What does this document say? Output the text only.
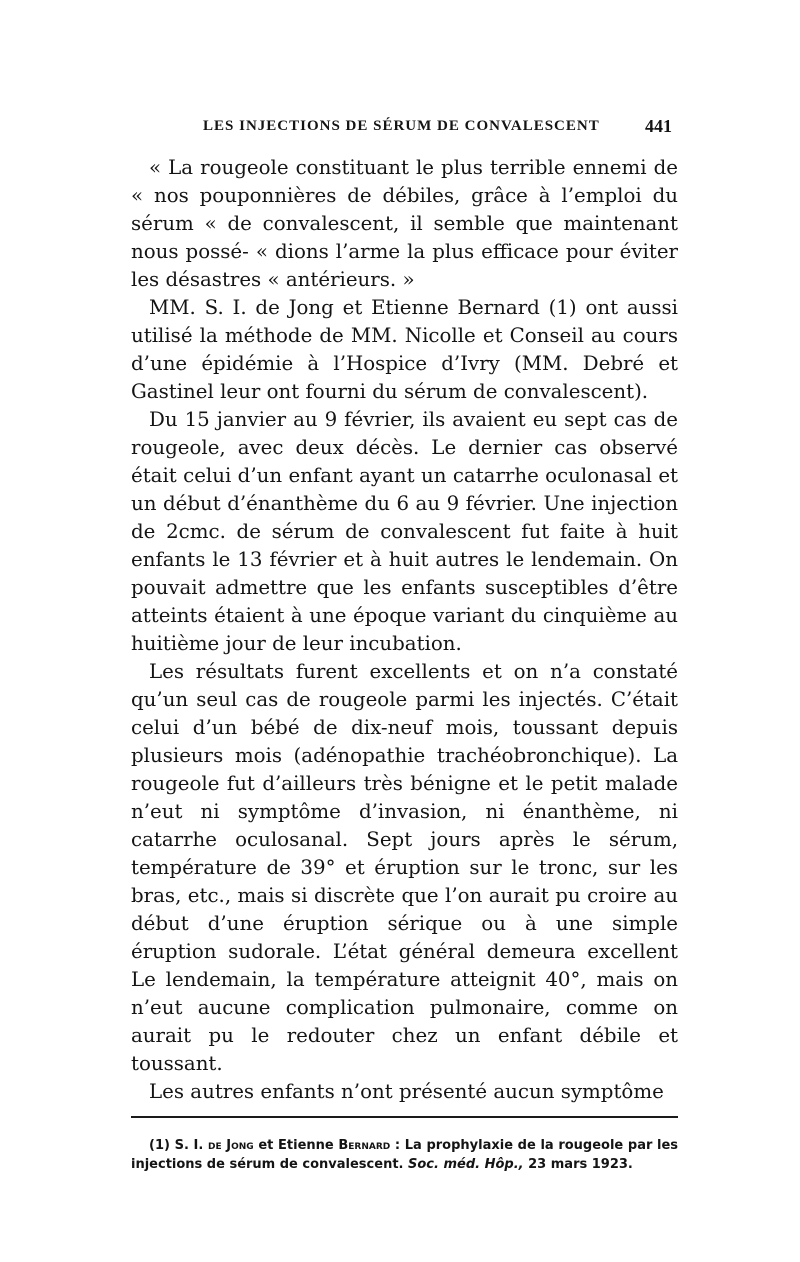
LES INJECTIONS DE SÉRUM DE CONVALESCENT	441

« La rougeole constituant le plus terrible ennemi de « nos pouponnières de débiles, grâce à l’emploi du sérum « de convalescent, il semble que maintenant nous possé- « dions l’arme la plus efficace pour éviter les désastres « antérieurs. »

MM. S. I. de Jong et Etienne Bernard (1) ont aussi utilisé la méthode de MM. Nicolle et Conseil au cours d’une épidémie à l’Hospice d’Ivry (MM. Debré et Gastinel leur ont fourni du sérum de convalescent).

Du 15 janvier au 9 février, ils avaient eu sept cas de rougeole, avec deux décès. Le dernier cas observé était celui d’un enfant ayant un catarrhe oculonasal et un début d’énanthème du 6 au 9 février. Une injection de 2cmc. de sérum de convalescent fut faite à huit enfants le 13 février et à huit autres le lendemain. On pouvait admettre que les enfants susceptibles d’être atteints étaient à une époque variant du cinquième au huitième jour de leur incubation.

Les résultats furent excellents et on n’a constaté qu’un seul cas de rougeole parmi les injectés. C’était celui d’un bébé de dix-neuf mois, toussant depuis plusieurs mois (adénopathie trachéobronchique). La rougeole fut d’ailleurs très bénigne et le petit malade n’eut ni symptôme d’invasion, ni énanthème, ni catarrhe oculosanal. Sept jours après le sérum, température de 39° et éruption sur le tronc, sur les bras, etc., mais si discrète que l’on aurait pu croire au début d’une éruption sérique ou à une simple éruption sudorale. L’état général demeura excellent Le lendemain, la température atteignit 40°, mais on n’eut aucune complication pulmonaire, comme on aurait pu le redouter chez un enfant débile et toussant.

Les autres enfants n’ont présenté aucun symptôme

(1) S. I. de Jong et Etienne Bernard : La prophylaxie de la rougeole par les injections de sérum de convalescent. Soc. méd. Hôp., 23 mars 1923.
